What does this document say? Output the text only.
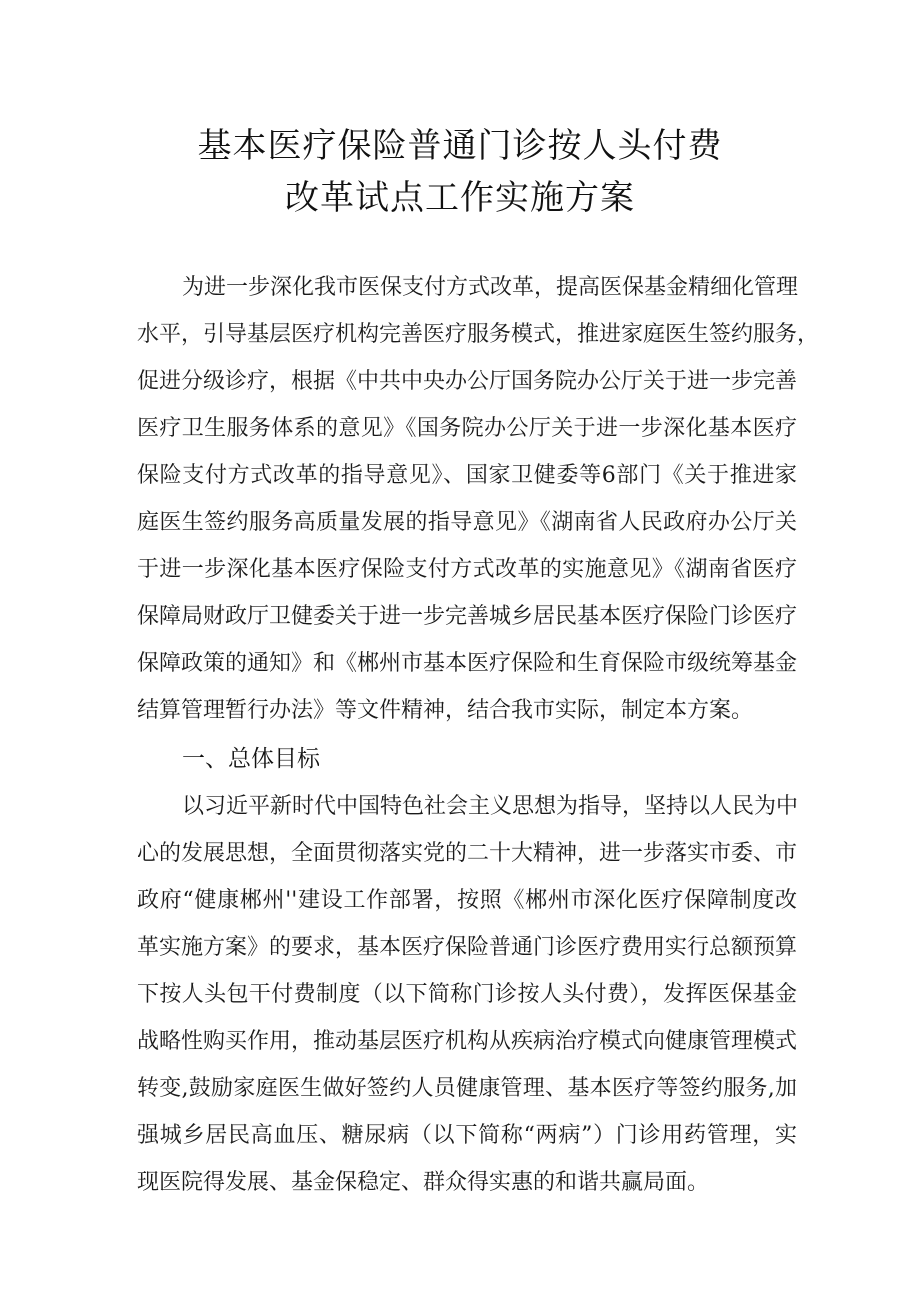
基本医疗保险普通门诊按人头付费
改革试点工作实施方案
为进一步深化我市医保支付方式改革，提高医保基金精细化管理
水平，引导基层医疗机构完善医疗服务模式，推进家庭医生签约服务，
促进分级诊疗，根据《中共中央办公厅国务院办公厅关于进一步完善
医疗卫生服务体系的意见》《国务院办公厅关于进一步深化基本医疗
保险支付方式改革的指导意见》、国家卫健委等6部门《关于推进家
庭医生签约服务高质量发展的指导意见》《湖南省人民政府办公厅关
于进一步深化基本医疗保险支付方式改革的实施意见》《湖南省医疗
保障局财政厅卫健委关于进一步完善城乡居民基本医疗保险门诊医疗
保障政策的通知》和《郴州市基本医疗保险和生育保险市级统筹基金
结算管理暂行办法》等文件精神，结合我市实际，制定本方案。
一、总体目标
以习近平新时代中国特色社会主义思想为指导，坚持以人民为中
心的发展思想，全面贯彻落实党的二十大精神，进一步落实市委、市
政府“健康郴州''建设工作部署，按照《郴州市深化医疗保障制度改
革实施方案》的要求，基本医疗保险普通门诊医疗费用实行总额预算
下按人头包干付费制度（以下简称门诊按人头付费），发挥医保基金
战略性购买作用，推动基层医疗机构从疾病治疗模式向健康管理模式
转变,鼓励家庭医生做好签约人员健康管理、基本医疗等签约服务,加
强城乡居民高血压、糖尿病（以下简称“两病”）门诊用药管理，实
现医院得发展、基金保稳定、群众得实惠的和谐共赢局面。
